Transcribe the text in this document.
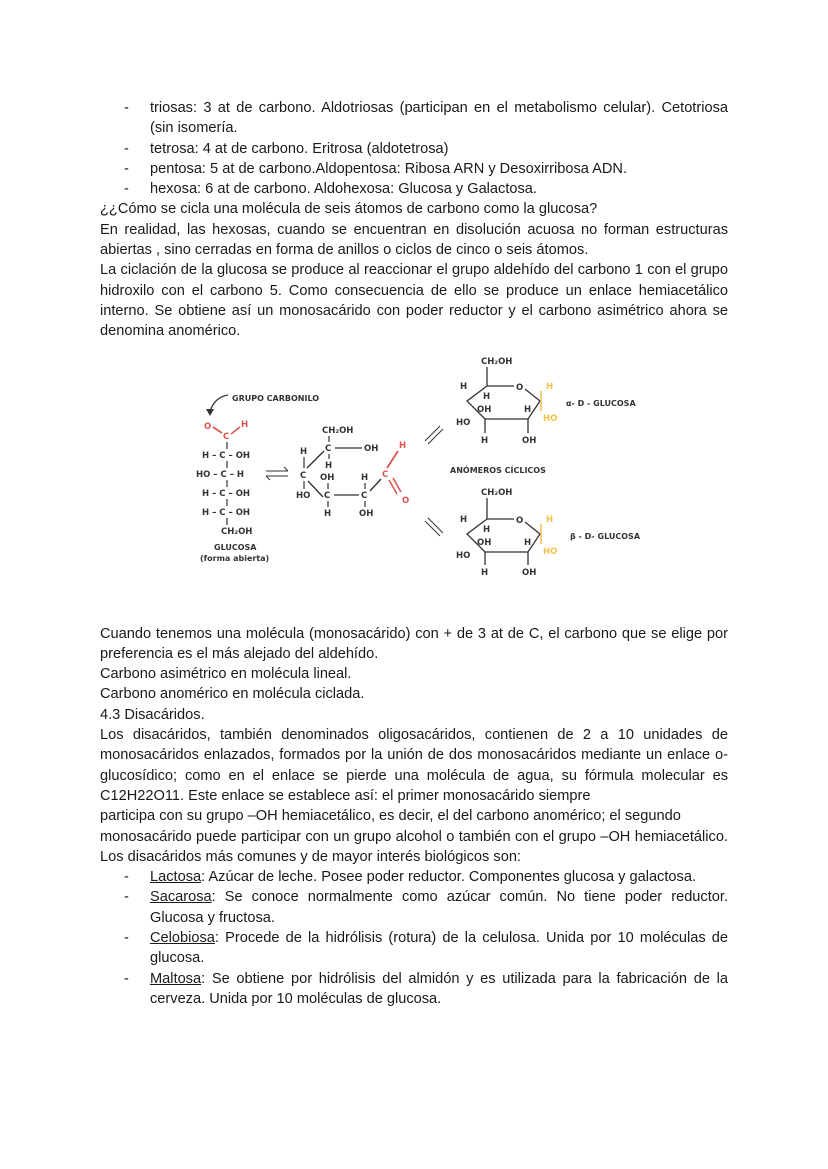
- triosas: 3 at de carbono. Aldotriosas (participan en el metabolismo celular). Cetotriosa (sin isomería.
- tetrosa: 4 at de carbono. Eritrosa (aldotetrosa)
- pentosa: 5 at de carbono.Aldopentosa: Ribosa ARN y Desoxirribosa ADN.
- hexosa: 6 at de carbono. Aldohexosa: Glucosa y Galactosa.

¿¿Cómo se cicla una molécula de seis átomos de carbono como la glucosa?

En realidad, las hexosas, cuando se encuentran en disolución acuosa no forman estructuras abiertas , sino cerradas en forma de anillos o ciclos de cinco o seis átomos.

La ciclación de la glucosa se produce al reaccionar el grupo aldehído del carbono 1 con el grupo hidroxilo con el carbono 5. Como consecuencia de ello se produce un enlace hemiacetálico interno. Se obtiene así un monosacárido con poder reductor y el carbono asimétrico ahora se denomina anomérico.

GRUPO CARBONILO
O
C
H
H – C – OH
HO – C – H
H – C – OH
H – C – OH
CH₂OH
GLUCOSA
(forma abierta)
CH₂OH
C	OH
H
H
C
HO
OH
C
H
H
C
OH
C
H
O
CH₂OH
O
H
H
OH	H
HO
H	OH
H
HO
α- D - GLUCOSA
ANÓMEROS CÍCLICOS
CH₂OH
O
H
H
OH	H
HO
H	OH
H
HO
β - D- GLUCOSA

Cuando tenemos una molécula (monosacárido) con + de 3 at de C, el carbono que se elige por preferencia es el más alejado del aldehído.

Carbono asimétrico en molécula lineal.

Carbono anomérico en molécula ciclada.

4.3 Disacáridos.

Los disacáridos, también denominados oligosacáridos, contienen de 2 a 10 unidades de monosacáridos enlazados, formados por la unión de dos monosacáridos mediante un enlace o-glucosídico; como en el enlace se pierde una molécula de agua, su fórmula molecular es C12H22O11. Este enlace se establece así: el primer monosacárido siempre

participa con su grupo –OH hemiacetálico, es decir, el del carbono anomérico; el segundo

monosacárido puede participar con un grupo alcohol o también con el grupo –OH hemiacetálico. Los disacáridos más comunes y de mayor interés biológicos son:

- Lactosa: Azúcar de leche. Posee poder reductor. Componentes glucosa y galactosa.
- Sacarosa: Se conoce normalmente como azúcar común. No tiene poder reductor. Glucosa y fructosa.
- Celobiosa: Procede de la hidrólisis (rotura) de la celulosa. Unida por 10 moléculas de glucosa.
- Maltosa: Se obtiene por hidrólisis del almidón y es utilizada para la fabricación de la cerveza. Unida por 10 moléculas de glucosa.
